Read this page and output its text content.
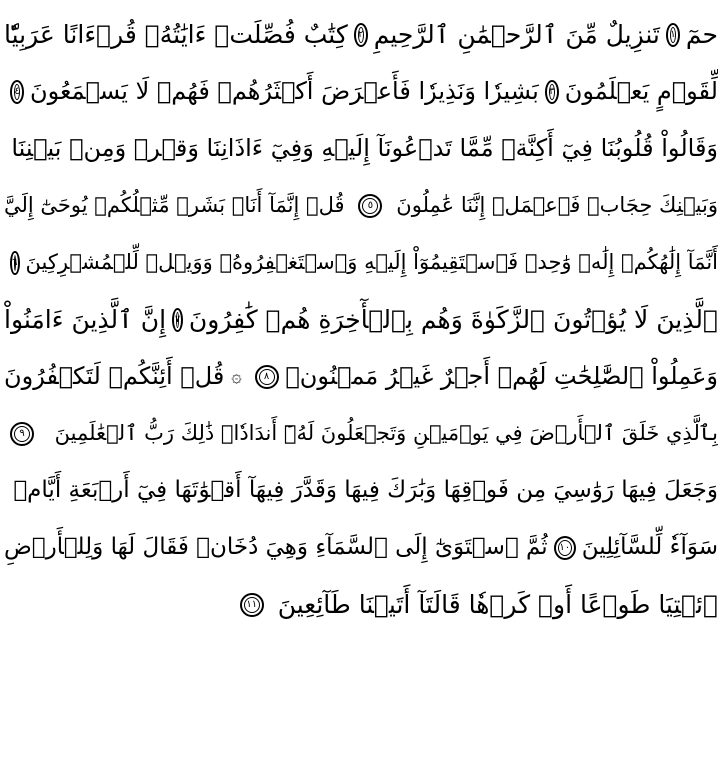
حمٓ
١
تَنزِيلٌ مِّنَ ٱلرَّحۡمَٰنِ ٱلرَّحِيمِ
٢
كِتَٰبٌ فُصِّلَتۡ ءَايَٰتُهُۥ قُرۡءَانًا عَرَبِيّٗا
لِّقَوۡمٍ يَعۡلَمُونَ
٣
بَشِيرٗا وَنَذِيرٗا فَأَعۡرَضَ أَكۡثَرُهُمۡ فَهُمۡ لَا يَسۡمَعُونَ
٤
وَقَالُواْ قُلُوبُنَا فِيٓ أَكِنَّةٖ مِّمَّا تَدۡعُونَآ إِلَيۡهِ وَفِيٓ ءَاذَانِنَا وَقۡرٞ وَمِنۢ بَيۡنِنَا
وَبَيۡنِكَ حِجَابٞ فَٱعۡمَلۡ إِنَّنَا عَٰمِلُونَ
٥
قُلۡ إِنَّمَآ أَنَا۠ بَشَرٞ مِّثۡلُكُمۡ يُوحَىٰٓ إِلَيَّ
أَنَّمَآ إِلَٰهُكُمۡ إِلَٰهٞ وَٰحِدٞ فَٱسۡتَقِيمُوٓاْ إِلَيۡهِ وَٱسۡتَغۡفِرُوهُۗ وَوَيۡلٞ لِّلۡمُشۡرِكِينَ
٦
ٱلَّذِينَ لَا يُؤۡتُونَ ٱلزَّكَوٰةَ وَهُم بِٱلۡأٓخِرَةِ هُمۡ كَٰفِرُونَ
٧
إِنَّ ٱلَّذِينَ ءَامَنُواْ
وَعَمِلُواْ ٱلصَّٰلِحَٰتِ لَهُمۡ أَجۡرٌ غَيۡرُ مَمۡنُونٖ
٨
۞
قُلۡ أَئِنَّكُمۡ لَتَكۡفُرُونَ
بِٱلَّذِي خَلَقَ ٱلۡأَرۡضَ فِي يَوۡمَيۡنِ وَتَجۡعَلُونَ لَهُۥٓ أَندَادٗاۚ ذَٰلِكَ رَبُّ ٱلۡعَٰلَمِينَ
٩
وَجَعَلَ فِيهَا رَوَٰسِيَ مِن فَوۡقِهَا وَبَٰرَكَ فِيهَا وَقَدَّرَ فِيهَآ أَقۡوَٰتَهَا فِيٓ أَرۡبَعَةِ أَيَّامٖ
سَوَآءٗ لِّلسَّآئِلِينَ
١٠
ثُمَّ ٱسۡتَوَىٰٓ إِلَى ٱلسَّمَآءِ وَهِيَ دُخَانٞ فَقَالَ لَهَا وَلِلۡأَرۡضِ
ٱئۡتِيَا طَوۡعًا أَوۡ كَرۡهٗا قَالَتَآ أَتَيۡنَا طَآئِعِينَ
١١
